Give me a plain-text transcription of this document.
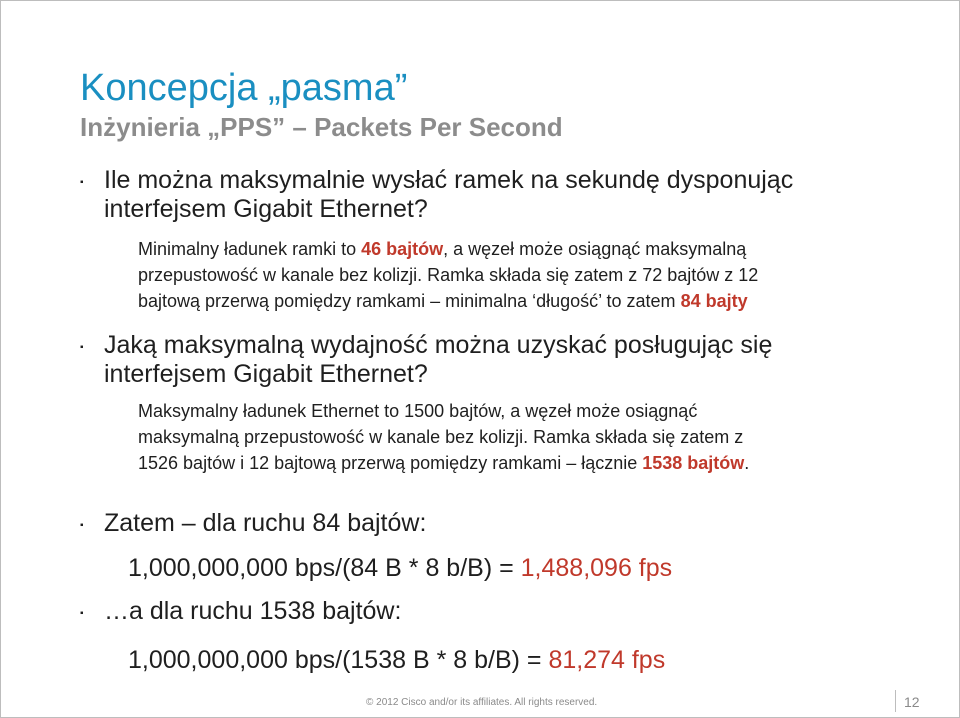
Koncepcja „pasma”
Inżynieria „PPS” – Packets Per Second
▪ Ile można maksymalnie wysłać ramek na sekundę dysponując
interfejsem Gigabit Ethernet?
Minimalny ładunek ramki to 46 bajtów, a węzeł może osiągnąć maksymalną
przepustowość w kanale bez kolizji. Ramka składa się zatem z 72 bajtów z 12
bajtową przerwą pomiędzy ramkami – minimalna ‘długość’ to zatem 84 bajty
▪ Jaką maksymalną wydajność można uzyskać posługując się
interfejsem Gigabit Ethernet?
Maksymalny ładunek Ethernet to 1500 bajtów, a węzeł może osiągnąć
maksymalną przepustowość w kanale bez kolizji. Ramka składa się zatem z
1526 bajtów i 12 bajtową przerwą pomiędzy ramkami – łącznie 1538 bajtów.
▪ Zatem – dla ruchu 84 bajtów:
1,000,000,000 bps/(84 B * 8 b/B) = 1,488,096 fps
▪ …a dla ruchu 1538 bajtów:
1,000,000,000 bps/(1538 B * 8 b/B) = 81,274 fps
© 2012 Cisco and/or its affiliates. All rights reserved.	12
